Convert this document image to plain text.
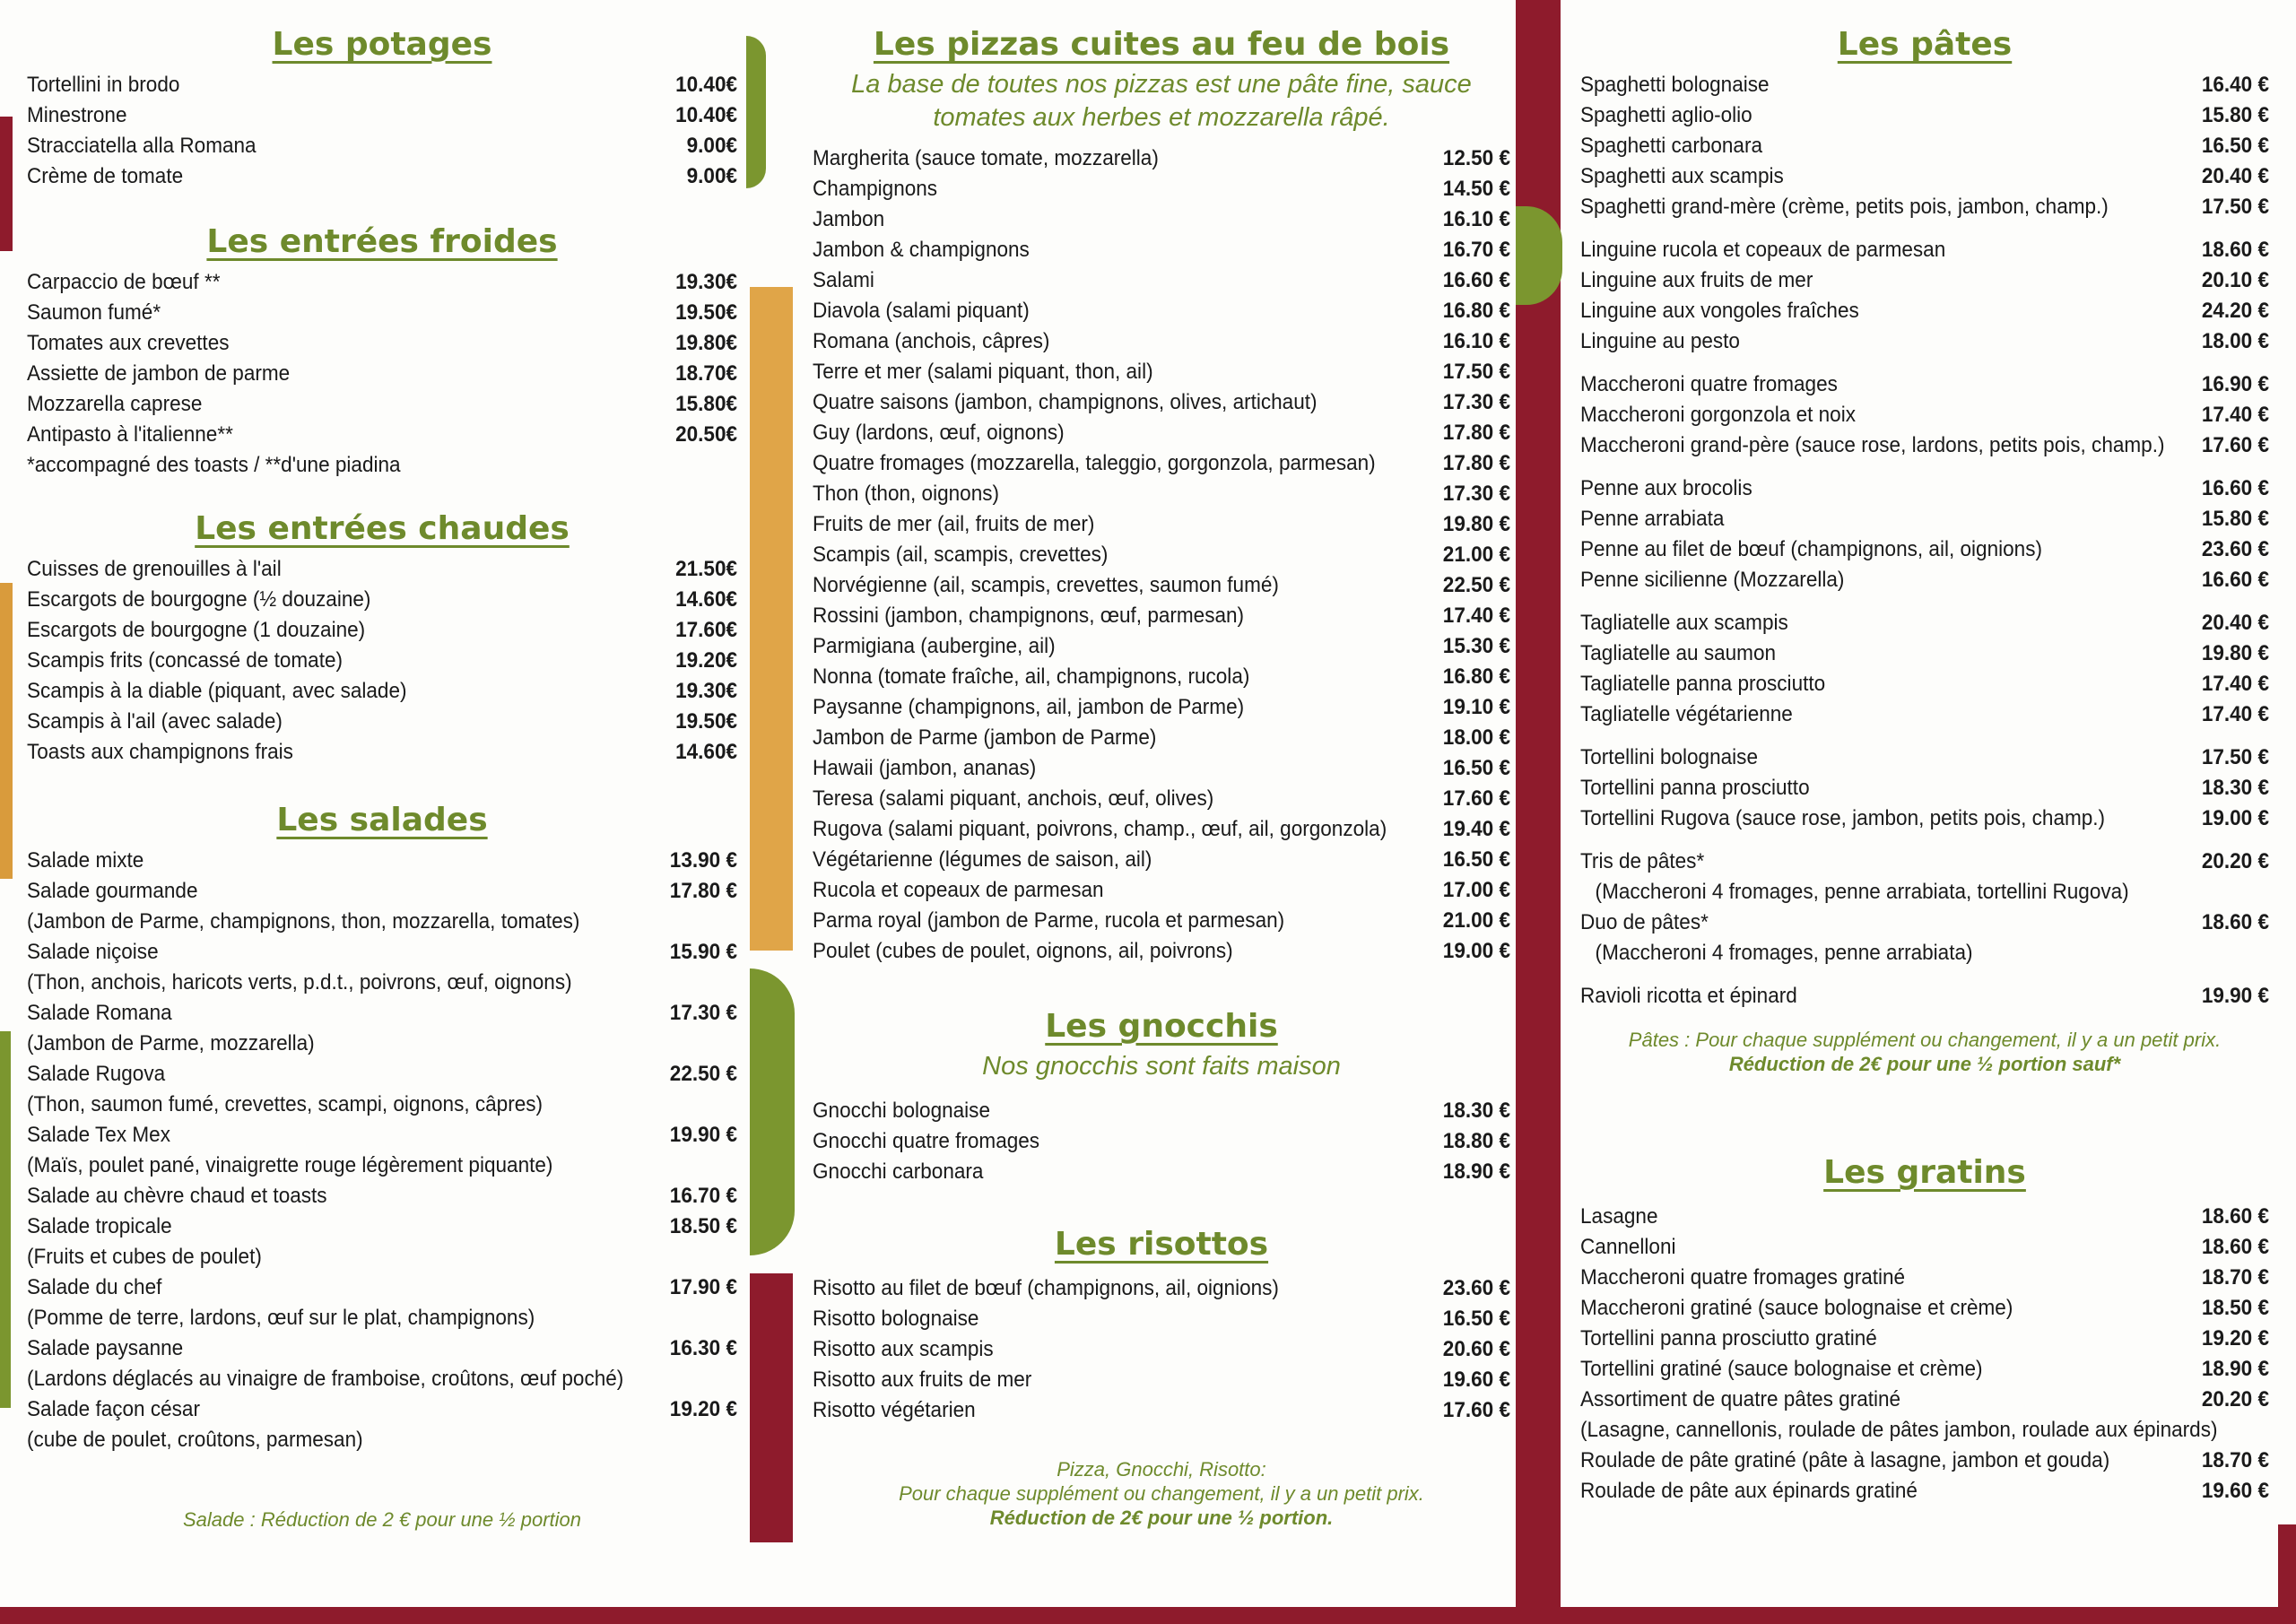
Les potages
Tortellini in brodo	10.40€
Minestrone	10.40€
Stracciatella alla Romana	9.00€
Crème de tomate	9.00€
Les entrées froides
Carpaccio de bœuf **	19.30€
Saumon fumé*	19.50€
Tomates aux crevettes	19.80€
Assiette de jambon de parme	18.70€
Mozzarella caprese	15.80€
Antipasto à l'italienne**	20.50€
*accompagné des toasts / **d'une piadina
Les entrées chaudes
Cuisses de grenouilles à l'ail	21.50€
Escargots de bourgogne (½ douzaine)	14.60€
Escargots de bourgogne (1 douzaine)	17.60€
Scampis frits (concassé de tomate)	19.20€
Scampis à la diable (piquant, avec salade)	19.30€
Scampis à l'ail (avec salade)	19.50€
Toasts aux champignons frais	14.60€
Les salades
Salade mixte	13.90 €
Salade gourmande	17.80 €
(Jambon de Parme, champignons, thon, mozzarella, tomates)
Salade niçoise	15.90 €
(Thon, anchois, haricots verts, p.d.t., poivrons, œuf, oignons)
Salade Romana	17.30 €
(Jambon de Parme, mozzarella)
Salade Rugova	22.50 €
(Thon, saumon fumé, crevettes, scampi, oignons, câpres)
Salade Tex Mex	19.90 €
(Maïs, poulet pané, vinaigrette rouge légèrement piquante)
Salade au chèvre chaud et toasts	16.70 €
Salade tropicale	18.50 €
(Fruits et cubes de poulet)
Salade du chef	17.90 €
(Pomme de terre, lardons, œuf sur le plat, champignons)
Salade paysanne	16.30 €
(Lardons déglacés au vinaigre de framboise, croûtons, œuf poché)
Salade façon césar	19.20 €
(cube de poulet, croûtons, parmesan)
Salade : Réduction de 2 € pour une ½ portion
Les pizzas cuites au feu de bois

La base de toutes nos pizzas est une pâte fine, sauce tomates aux herbes et mozzarella râpé.

Margherita (sauce tomate, mozzarella)	12.50 €
Champignons	14.50 €
Jambon	16.10 €
Jambon & champignons	16.70 €
Salami	16.60 €
Diavola (salami piquant)	16.80 €
Romana (anchois, câpres)	16.10 €
Terre et mer (salami piquant, thon, ail)	17.50 €
Quatre saisons (jambon, champignons, olives, artichaut)	17.30 €
Guy (lardons, œuf, oignons)	17.80 €
Quatre fromages (mozzarella, taleggio, gorgonzola, parmesan)	17.80 €
Thon (thon, oignons)	17.30 €
Fruits de mer (ail, fruits de mer)	19.80 €
Scampis (ail, scampis, crevettes)	21.00 €
Norvégienne (ail, scampis, crevettes, saumon fumé)	22.50 €
Rossini (jambon, champignons, œuf, parmesan)	17.40 €
Parmigiana (aubergine, ail)	15.30 €
Nonna (tomate fraîche, ail, champignons, rucola)	16.80 €
Paysanne (champignons, ail, jambon de Parme)	19.10 €
Jambon de Parme (jambon de Parme)	18.00 €
Hawaii (jambon, ananas)	16.50 €
Teresa (salami piquant, anchois, œuf, olives)	17.60 €
Rugova (salami piquant, poivrons, champ., œuf, ail, gorgonzola)	19.40 €
Végétarienne (légumes de saison, ail)	16.50 €
Rucola et copeaux de parmesan	17.00 €
Parma royal (jambon de Parme, rucola et parmesan)	21.00 €
Poulet (cubes de poulet, oignons, ail, poivrons)	19.00 €
Les gnocchis

Nos gnocchis sont faits maison

Gnocchi bolognaise	18.30 €
Gnocchi quatre fromages	18.80 €
Gnocchi carbonara	18.90 €
Les risottos
Risotto au filet de bœuf (champignons, ail, oignions)	23.60 €
Risotto bolognaise	16.50 €
Risotto aux scampis	20.60 €
Risotto aux fruits de mer	19.60 €
Risotto végétarien	17.60 €
Pizza, Gnocchi, Risotto:
Pour chaque supplément ou changement, il y a un petit prix.
Réduction de 2€ pour une ½ portion.
Les pâtes
Spaghetti bolognaise	16.40 €
Spaghetti aglio-olio	15.80 €
Spaghetti carbonara	16.50 €
Spaghetti aux scampis	20.40 €
Spaghetti grand-mère (crème, petits pois, jambon, champ.)	17.50 €
Linguine rucola et copeaux de parmesan	18.60 €
Linguine aux fruits de mer	20.10 €
Linguine aux vongoles fraîches	24.20 €
Linguine au pesto	18.00 €
Maccheroni quatre fromages	16.90 €
Maccheroni gorgonzola et noix	17.40 €
Maccheroni grand-père (sauce rose, lardons, petits pois, champ.)	17.60 €
Penne aux brocolis	16.60 €
Penne arrabiata	15.80 €
Penne au filet de bœuf (champignons, ail, oignions)	23.60 €
Penne sicilienne (Mozzarella)	16.60 €
Tagliatelle aux scampis	20.40 €
Tagliatelle au saumon	19.80 €
Tagliatelle panna prosciutto	17.40 €
Tagliatelle végétarienne	17.40 €
Tortellini bolognaise	17.50 €
Tortellini panna prosciutto	18.30 €
Tortellini Rugova (sauce rose, jambon, petits pois, champ.)	19.00 €
Tris de pâtes*	20.20 €
(Maccheroni 4 fromages, penne arrabiata, tortellini Rugova)
Duo de pâtes*	18.60 €
(Maccheroni 4 fromages, penne arrabiata)
Ravioli ricotta et épinard	19.90 €
Pâtes : Pour chaque supplément ou changement, il y a un petit prix.
Réduction de 2€ pour une ½ portion sauf*
Les gratins
Lasagne	18.60 €
Cannelloni	18.60 €
Maccheroni quatre fromages gratiné	18.70 €
Maccheroni gratiné (sauce bolognaise et crème)	18.50 €
Tortellini panna prosciutto gratiné	19.20 €
Tortellini gratiné (sauce bolognaise et crème)	18.90 €
Assortiment de quatre pâtes gratiné	20.20 €
(Lasagne, cannellonis, roulade de pâtes jambon, roulade aux épinards)
Roulade de pâte gratiné (pâte à lasagne, jambon et gouda)	18.70 €
Roulade de pâte aux épinards gratiné	19.60 €
